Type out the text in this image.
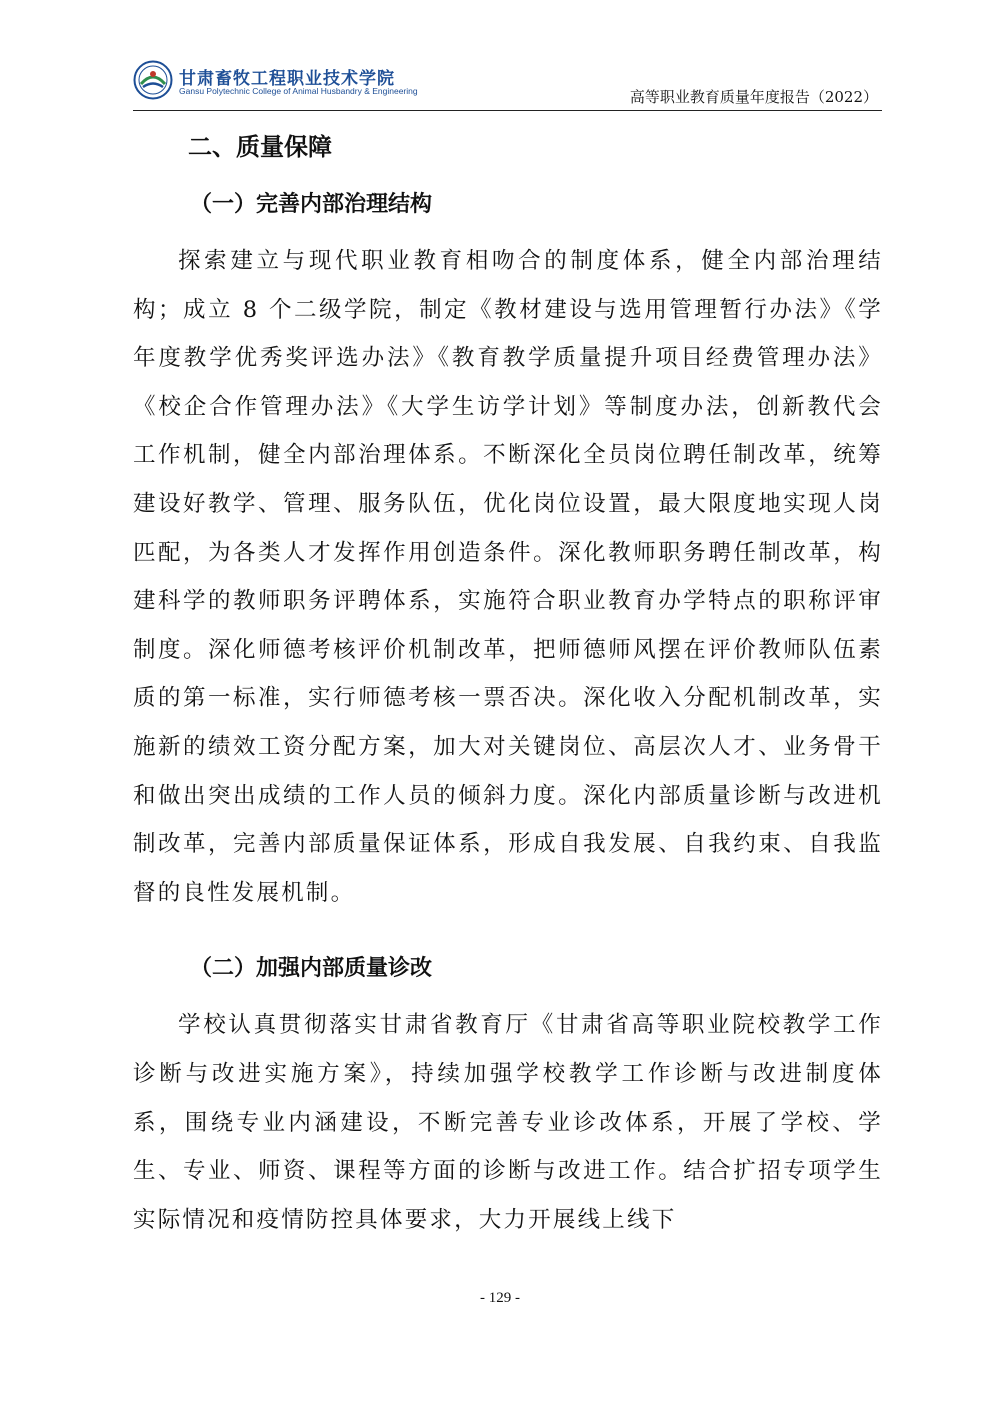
甘肃畜牧工程职业技术学院
Gansu Polytechnic College of Animal Husbandry & Engineering	高等职业教育质量年度报告（2022）
二、质量保障
（一）完善内部治理结构

探索建立与现代职业教育相吻合的制度体系，健全内部治理结构；成立 8 个二级学院，制定《教材建设与选用管理暂行办法》《学年度教学优秀奖评选办法》《教育教学质量提升项目经费管理办法》《校企合作管理办法》《大学生访学计划》等制度办法，创新教代会工作机制，健全内部治理体系。不断深化全员岗位聘任制改革，统筹建设好教学、管理、服务队伍，优化岗位设置，最大限度地实现人岗匹配，为各类人才发挥作用创造条件。深化教师职务聘任制改革，构建科学的教师职务评聘体系，实施符合职业教育办学特点的职称评审制度。深化师德考核评价机制改革，把师德师风摆在评价教师队伍素质的第一标准，实行师德考核一票否决。深化收入分配机制改革，实施新的绩效工资分配方案，加大对关键岗位、高层次人才、业务骨干和做出突出成绩的工作人员的倾斜力度。深化内部质量诊断与改进机制改革，完善内部质量保证体系，形成自我发展、自我约束、自我监督的良性发展机制。

（二）加强内部质量诊改

学校认真贯彻落实甘肃省教育厅《甘肃省高等职业院校教学工作诊断与改进实施方案》，持续加强学校教学工作诊断与改进制度体系，围绕专业内涵建设，不断完善专业诊改体系，开展了学校、学生、专业、师资、课程等方面的诊断与改进工作。结合扩招专项学生实际情况和疫情防控具体要求，大力开展线上线下

- 129 -
